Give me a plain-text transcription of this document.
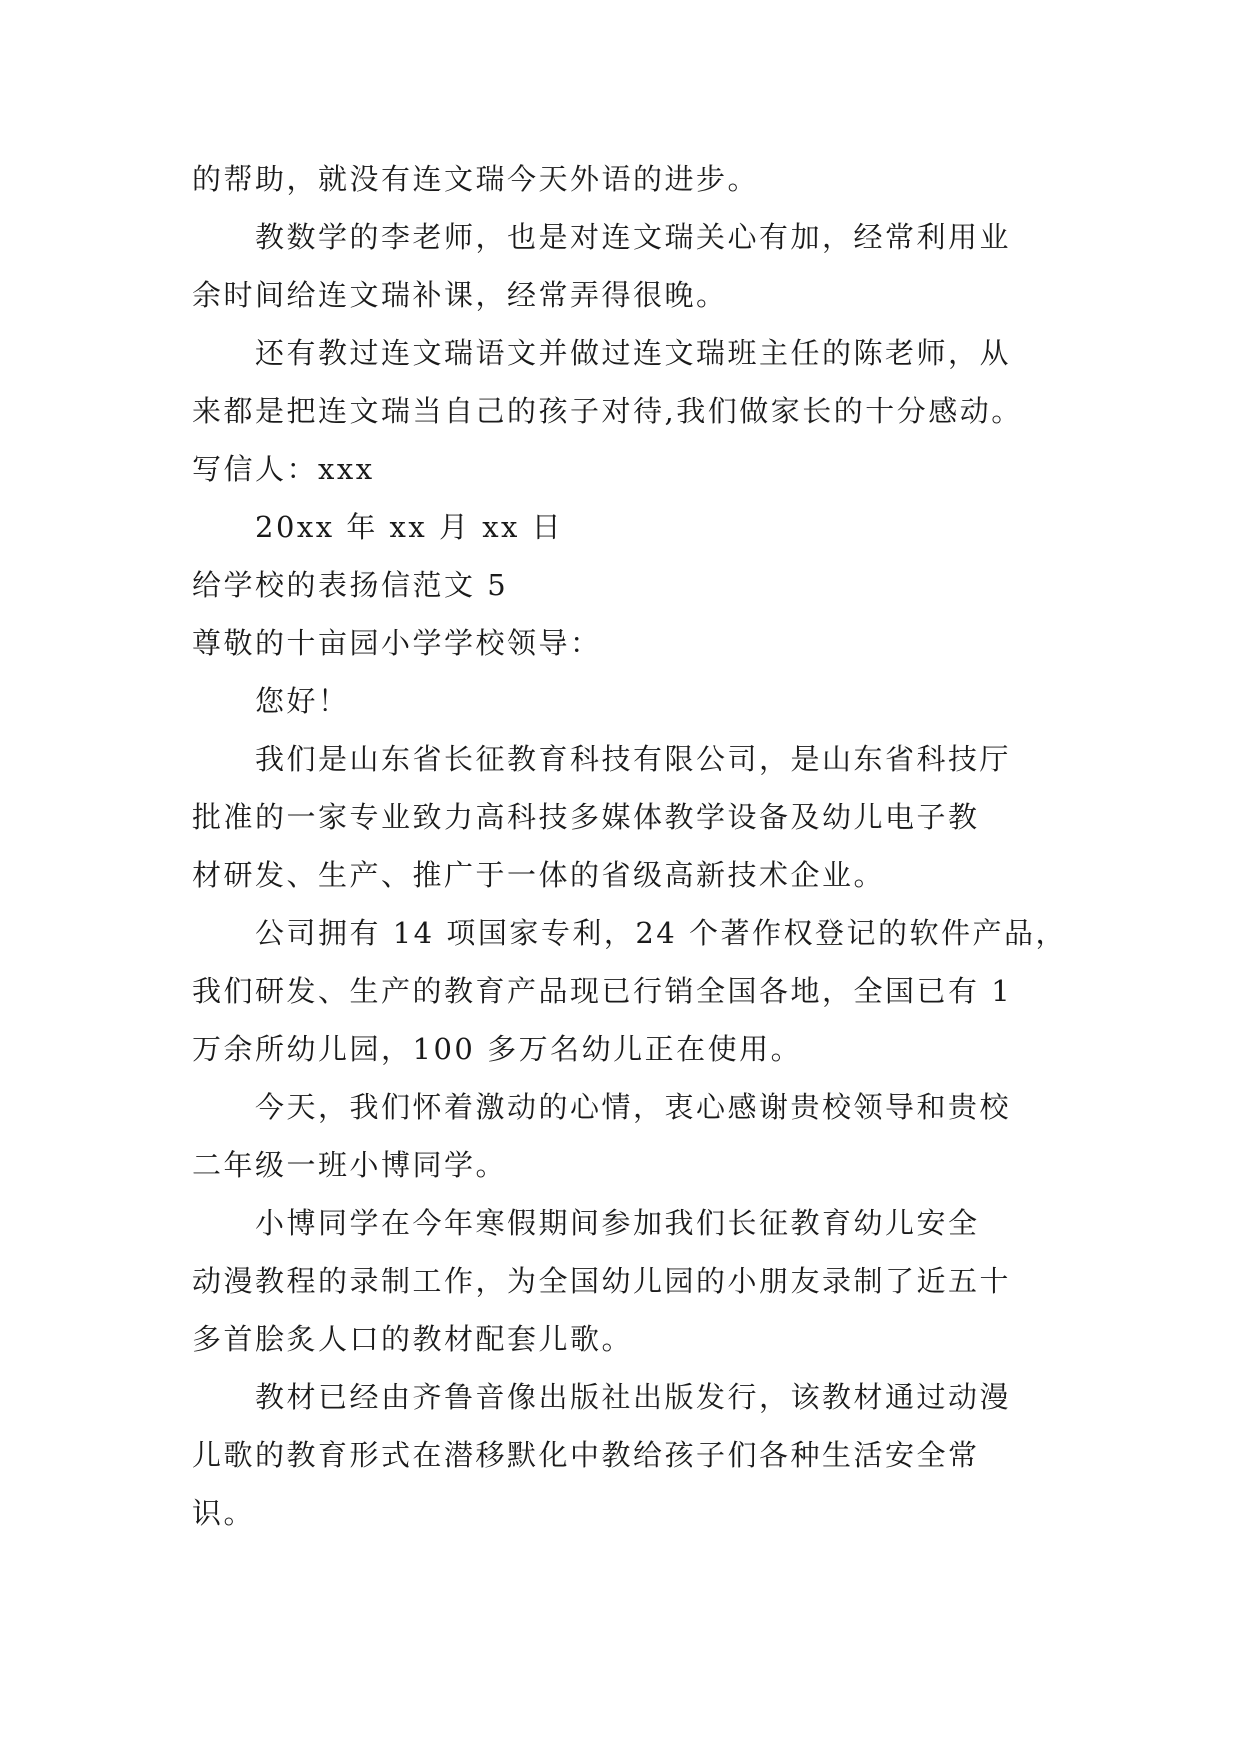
的帮助，就没有连文瑞今天外语的进步。
教数学的李老师，也是对连文瑞关心有加，经常利用业
余时间给连文瑞补课，经常弄得很晚。
还有教过连文瑞语文并做过连文瑞班主任的陈老师，从
来都是把连文瑞当自己的孩子对待,我们做家长的十分感动。
写信人：xxx
20xx 年 xx 月 xx 日
给学校的表扬信范文 5
尊敬的十亩园小学学校领导：
您好！
我们是山东省长征教育科技有限公司，是山东省科技厅
批准的一家专业致力高科技多媒体教学设备及幼儿电子教
材研发、生产、推广于一体的省级高新技术企业。
公司拥有 14 项国家专利，24 个著作权登记的软件产品，
我们研发、生产的教育产品现已行销全国各地，全国已有 1
万余所幼儿园，100 多万名幼儿正在使用。
今天，我们怀着激动的心情，衷心感谢贵校领导和贵校
二年级一班小博同学。
小博同学在今年寒假期间参加我们长征教育幼儿安全
动漫教程的录制工作，为全国幼儿园的小朋友录制了近五十
多首脍炙人口的教材配套儿歌。
教材已经由齐鲁音像出版社出版发行，该教材通过动漫
儿歌的教育形式在潜移默化中教给孩子们各种生活安全常
识。
